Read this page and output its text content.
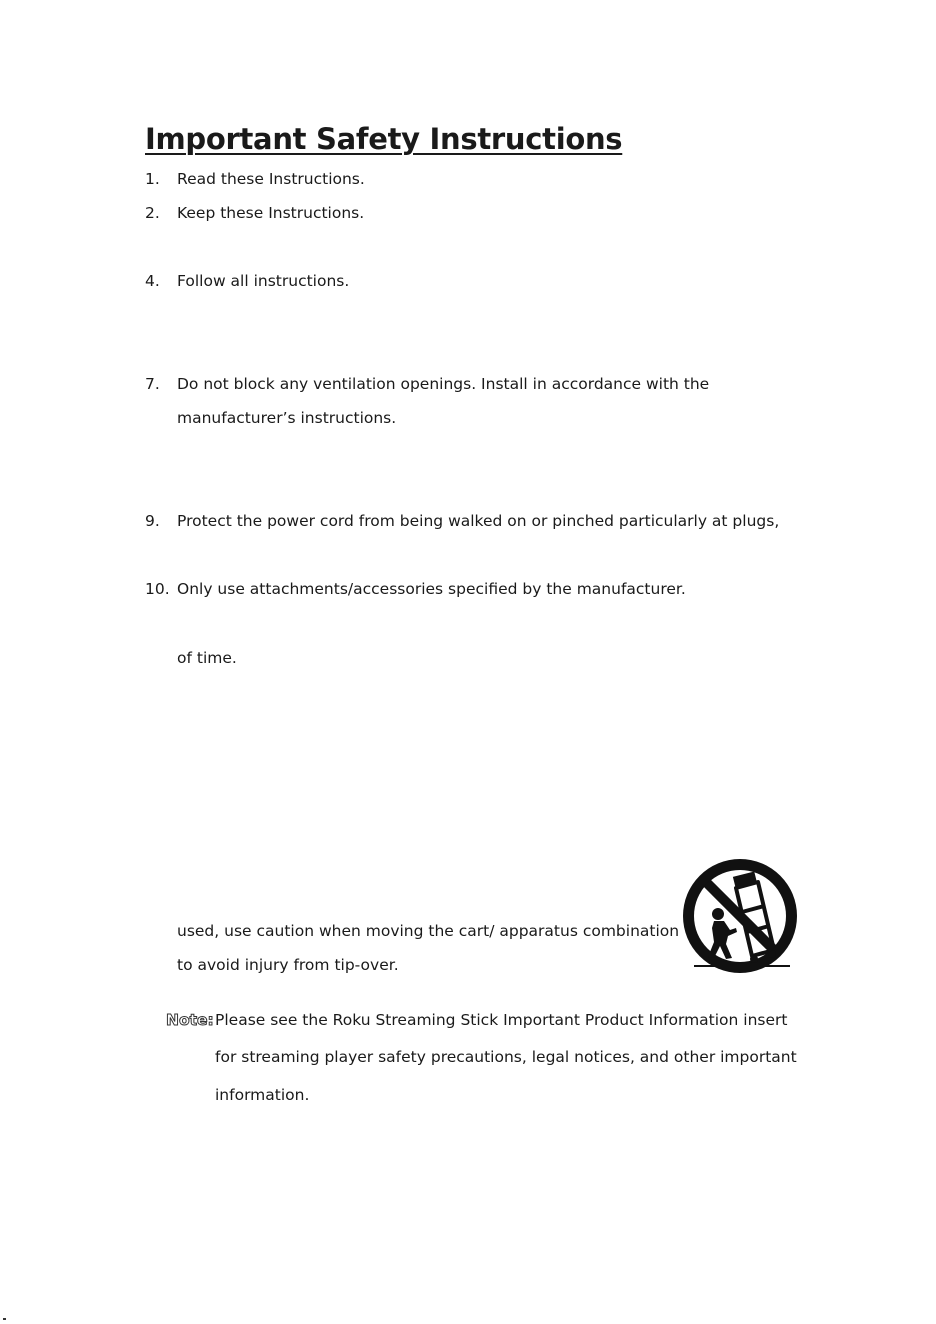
Important Safety Instructions
1. Read these Instructions.
2. Keep these Instructions.
4. Follow all instructions.
7. Do not block any ventilation openings. Install in accordance with the
manufacturer’s instructions.
9. Protect the power cord from being walked on or pinched particularly at plugs,
10. Only use attachments/accessories specified by the manufacturer.
of time.
used, use caution when moving the cart/ apparatus combination
to avoid injury from tip-over.
Note: Please see the Roku Streaming Stick Important Product Information insert
for streaming player safety precautions, legal notices, and other important
information.
